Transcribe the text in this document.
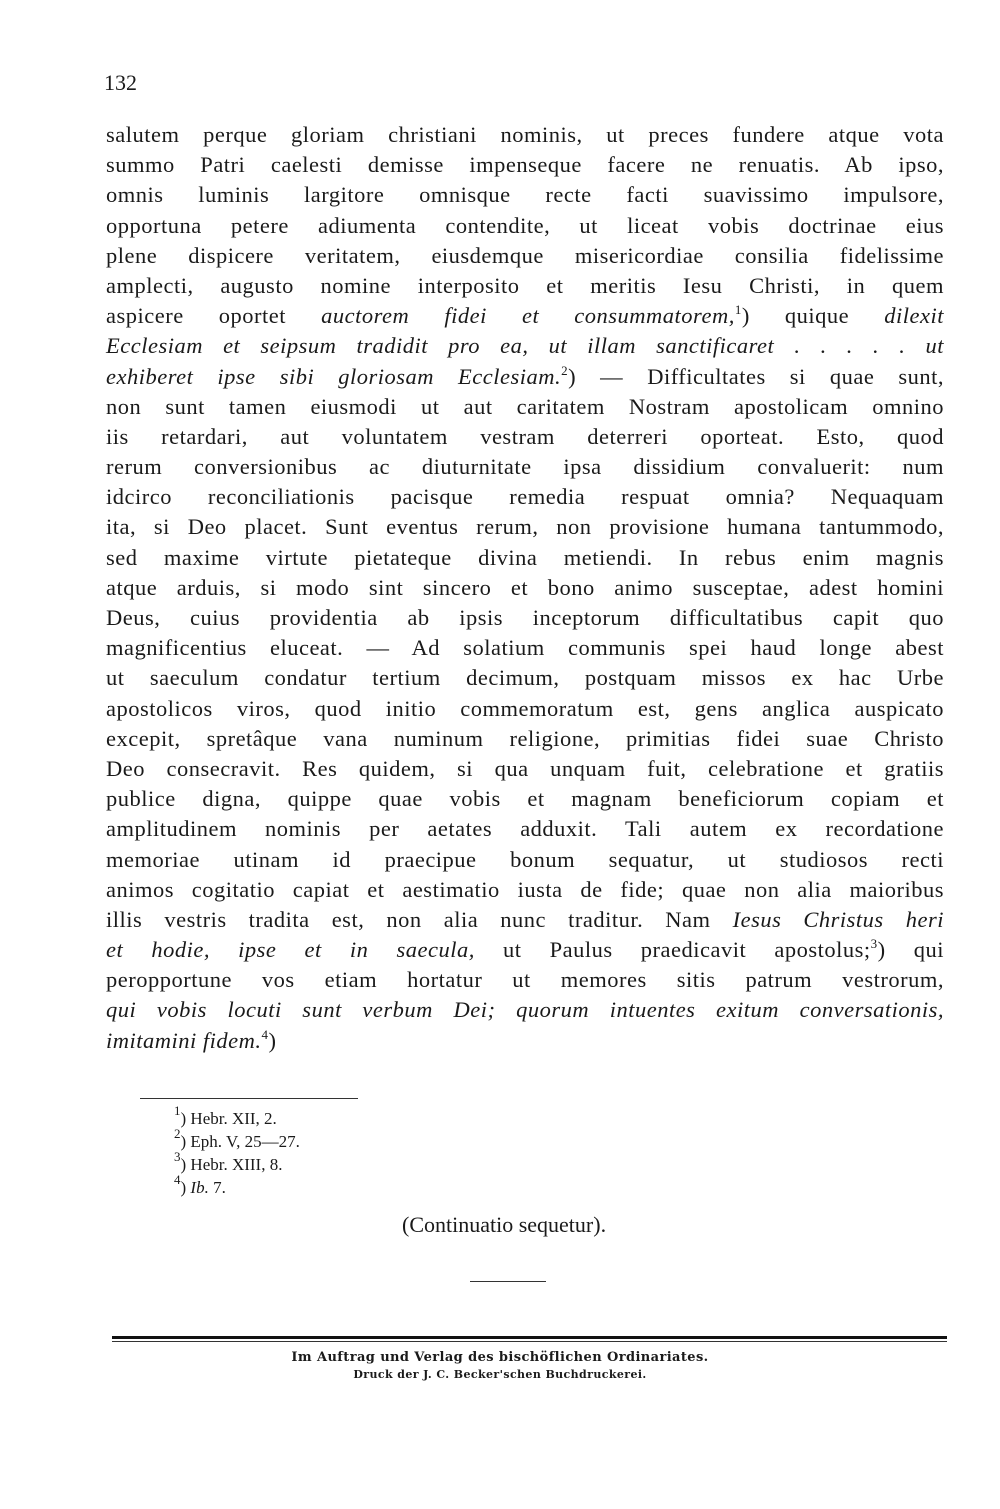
132
salutem perque gloriam christiani nominis, ut preces fundere atque vota
summo Patri caelesti demisse impenseque facere ne renuatis. Ab ipso,
omnis luminis largitore omnisque recte facti suavissimo impulsore,
opportuna petere adiumenta contendite, ut liceat vobis doctrinae eius
plene dispicere veritatem, eiusdemque misericordiae consilia fidelissime
amplecti, augusto nomine interposito et meritis Iesu Christi, in quem
aspicere oportet auctorem fidei et consummatorem,$^1$) quique dilexit
Ecclesiam et seipsum tradidit pro ea, ut illam sanctificaret . . . . . ut
exhiberet ipse sibi gloriosam Ecclesiam.$^2$) — Difficultates si quae sunt,
non sunt tamen eiusmodi ut aut caritatem Nostram apostolicam omnino
iis retardari, aut voluntatem vestram deterreri oporteat. Esto, quod
rerum conversionibus ac diuturnitate ipsa dissidium convaluerit: num
idcirco reconciliationis pacisque remedia respuat omnia? Nequaquam
ita, si Deo placet. Sunt eventus rerum, non provisione humana tantummodo,
sed maxime virtute pietateque divina metiendi. In rebus enim magnis
atque arduis, si modo sint sincero et bono animo susceptae, adest homini
Deus, cuius providentia ab ipsis inceptorum difficultatibus capit quo
magnificentius eluceat. — Ad solatium communis spei haud longe abest
ut saeculum condatur tertium decimum, postquam missos ex hac Urbe
apostolicos viros, quod initio commemoratum est, gens anglica auspicato
excepit, spretâque vana numinum religione, primitias fidei suae Christo
Deo consecravit. Res quidem, si qua unquam fuit, celebratione et gratiis
publice digna, quippe quae vobis et magnam beneficiorum copiam et
amplitudinem nominis per aetates adduxit. Tali autem ex recordatione
memoriae utinam id praecipue bonum sequatur, ut studiosos recti
animos cogitatio capiat et aestimatio iusta de fide; quae non alia maioribus
illis vestris tradita est, non alia nunc traditur. Nam Iesus Christus heri
et hodie, ipse et in saecula, ut Paulus praedicavit apostolus;$^3$) qui
peropportune vos etiam hortatur ut memores sitis patrum vestrorum,
qui vobis locuti sunt verbum Dei; quorum intuentes exitum conversationis,
imitamini fidem.$^4$)
$^1$) Hebr. XII, 2.
$^2$) Eph. V, 25—27.
$^3$) Hebr. XIII, 8.
$^4$) Ib. 7.
(Continuatio sequetur).
Im Auftrag und Verlag des bischöflichen Ordinariates.
Druck der J. C. Becker'schen Buchdruckerei.
